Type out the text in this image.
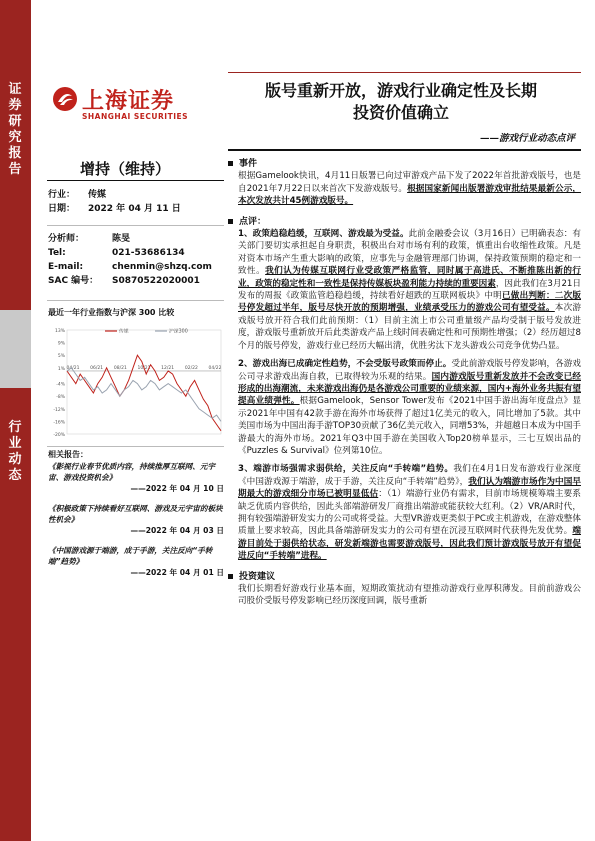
证
券
研
究
报
告
行
业
动
态
上海证券
SHANGHAI SECURITIES
版号重新开放，游戏行业确定性及长期
投资价值确立
——游戏行业动态点评
增持（维持）
行业： 传媒
日期： 2022 年 04 月 11 日
分析师：	陈旻
Tel:	021-53686134
E-mail:	chenmin@shzq.com
SAC 编号： S0870522020001
最近一年行业指数与沪深 300 比较
13%
9%
5%
1%
-4%
-8%
-12%
-16%
-20%
04/21 06/21 08/21 10/21 12/21 02/22 04/22
传媒	沪深300
相关报告：
事件
根据Gamelook快讯，4月11日版署已向过审游戏产品下发了2022年首批游戏版号，也是自2021年7月22日以来首次下发游戏版号。根据国家新闻出版署游戏审批结果最新公示，本次发放共计45例游戏版号。
点评：
1、政策趋稳趋缓，互联网、游戏最为受益。此前金融委会议（3月16日）已明确表态：有关部门要切实承担起自身职责，积极出台对市场有利的政策，慎重出台收缩性政策。凡是对资本市场产生重大影响的政策，应事先与金融管理部门协调，保持政策预期的稳定和一致性。我们认为传媒互联网行业受政策严格监管，同时属于高进氏、不断推陈出新的行业，政策的稳定性和一致性是保持传媒板块盈利能力持续的重要因素，因此我们在3月21日发布的周报《政策监管趋稳趋缓，持续看好超跌的互联网板块》中明已做出判断：二次版号停发超过半年，版号尽快开放的预期增强，业绩承受压力的游戏公司有望受益。本次游戏版号放开符合我们此前预期：（1）目前主流上市公司重量级产品均受制于版号发放进度，游戏版号重新放开后此类游戏产品上线时间表确定性和可预期性增强；（2）经历超过8个月的版号停发，游戏行业已经历大幅出清，优胜劣汰下龙头游戏公司竞争优势凸显。
2、游戏出海已成确定性趋势，不会受版号政策而停止。受此前游戏版号停发影响，各游戏公司寻求游戏出海自救，已取得较为乐观的结果。国内游戏版号重新发放并不会改变已经形成的出海潮流，未来游戏出海仍是各游戏公司重要的业绩来源，国内+海外业务共振有望提高业绩弹性。根据Gamelook，Sensor Tower发布《2021中国手游出海年度盘点》显示2021年中国有42款手游在海外市场获得了超过1亿美元的收入，同比增加了5款。其中美国市场为中国出海手游TOP30贡献了36亿美元收入，同增53%，并超越日本成为中国手游最大的海外市场。2021年Q3中国手游在美国收入Top20榜单显示，三七互娱出品的《Puzzles & Survival》位列第10位。
3、端游市场强需求弱供给，关注反向“手转端”趋势。我们在4月1日发布游戏行业深度《中国游戏源于端游，成于手游，关注反向“手转端”趋势》，我们认为端游市场作为中国早期最大的游戏细分市场已被明显低估：（1）端游行业仍有需求，目前市场规模筹端主要系缺乏优质内容供给，因此头部端游研发厂商推出端游或能获较大红利。（2）VR/AR时代，拥有较强端游研发实力的公司或将受益。大型VR游戏更类似于PC或主机游戏，在游戏整体质量上要求较高，因此具备端游研发实力的公司有望在沉浸互联网时代获得先发优势。端游目前处于弱供给状态，研发新端游也需要游戏版号，因此我们预计游戏版号放开有望促进反向“手转端”进程。
投资建议
我们长期看好游戏行业基本面，短期政策扰动有望推动游戏行业厚积薄发。目前前游戏公司股价受版号停发影响已经历深度回调，版号重新
《影视行业春节优质内容，持续推厚互联网、元宇宙、游戏投资机会》
——2022 年 04 月 10 日
《积极政策下持续看好互联网、游戏及元宇宙的板块性机会》
——2022 年 04 月 03 日
《中国游戏源于端游，成于手游，关注反向“手转端”趋势》
——2022 年 04 月 01 日
